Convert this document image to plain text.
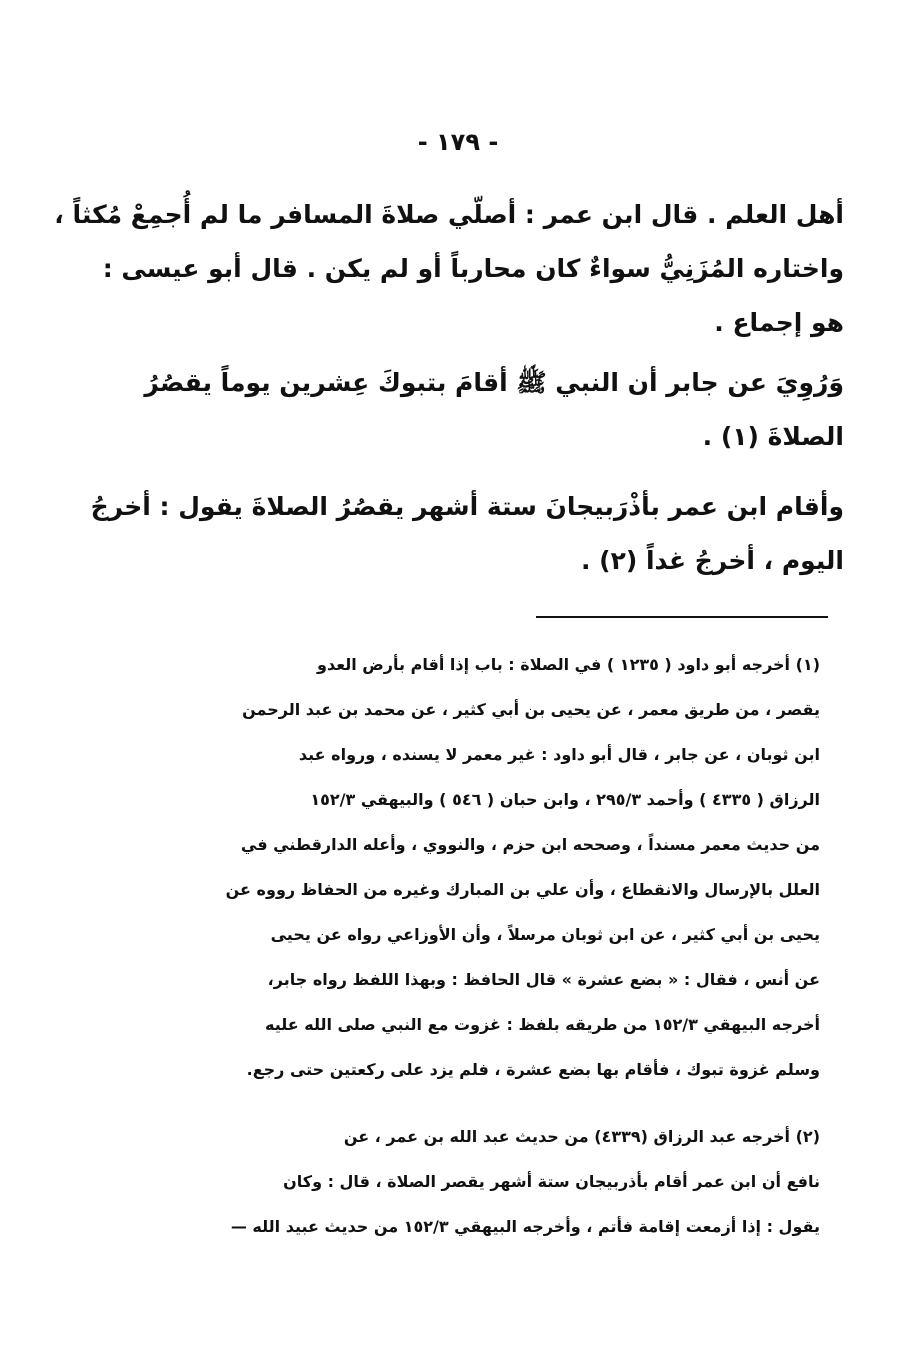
- ١٧٩ -
أهل العلم . قال ابن عمر : أصلّي صلاةَ المسافر ما لم أُجمِعْ مُكثاً ،
واختاره المُزَنِيُّ سواءٌ كان محارباً أو لم يكن . قال أبو عيسى :
هو إجماع .
وَرُوِيَ عن جابر أن النبي ﷺ أقامَ بتبوكَ عِشرين يوماً يقصُرُ
الصلاةَ (١) .
وأقام ابن عمر بأذْرَبيجانَ ستة أشهر يقصُرُ الصلاةَ يقول : أخرجُ
اليوم ، أخرجُ غداً (٢) .
(١) أخرجه أبو داود ( ١٢٣٥ ) في الصلاة : باب إذا أقام بأرض العدو
يقصر ، من طريق معمر ، عن يحيى بن أبي كثير ، عن محمد بن عبد الرحمن
ابن ثوبان ، عن جابر ، قال أبو داود : غير معمر لا يسنده ، ورواه عبد
الرزاق ( ٤٣٣٥ ) وأحمد ٢٩٥/٣ ، وابن حبان ( ٥٤٦ ) والبيهقي ١٥٢/٣
من حديث معمر مسنداً ، وصححه ابن حزم ، والنووي ، وأعله الدارقطني في
العلل بالإرسال والانقطاع ، وأن علي بن المبارك وغيره من الحفاظ رووه عن
يحيى بن أبي كثير ، عن ابن ثوبان مرسلاً ، وأن الأوزاعي رواه عن يحيى
عن أنس ، فقال : « بضع عشرة » قال الحافظ : وبهذا اللفظ رواه جابر،
أخرجه البيهقي ١٥٢/٣ من طريقه بلفظ : غزوت مع النبي صلى الله عليه
وسلم غزوة تبوك ، فأقام بها بضع عشرة ، فلم يزد على ركعتين حتى رجع.
(٢) أخرجه عبد الرزاق (٤٣٣٩) من حديث عبد الله بن عمر ، عن
نافع أن ابن عمر أقام بأذربيجان ستة أشهر يقصر الصلاة ، قال : وكان
يقول : إذا أزمعت إقامة فأتم ، وأخرجه البيهقي ١٥٢/٣ من حديث عبيد الله —
